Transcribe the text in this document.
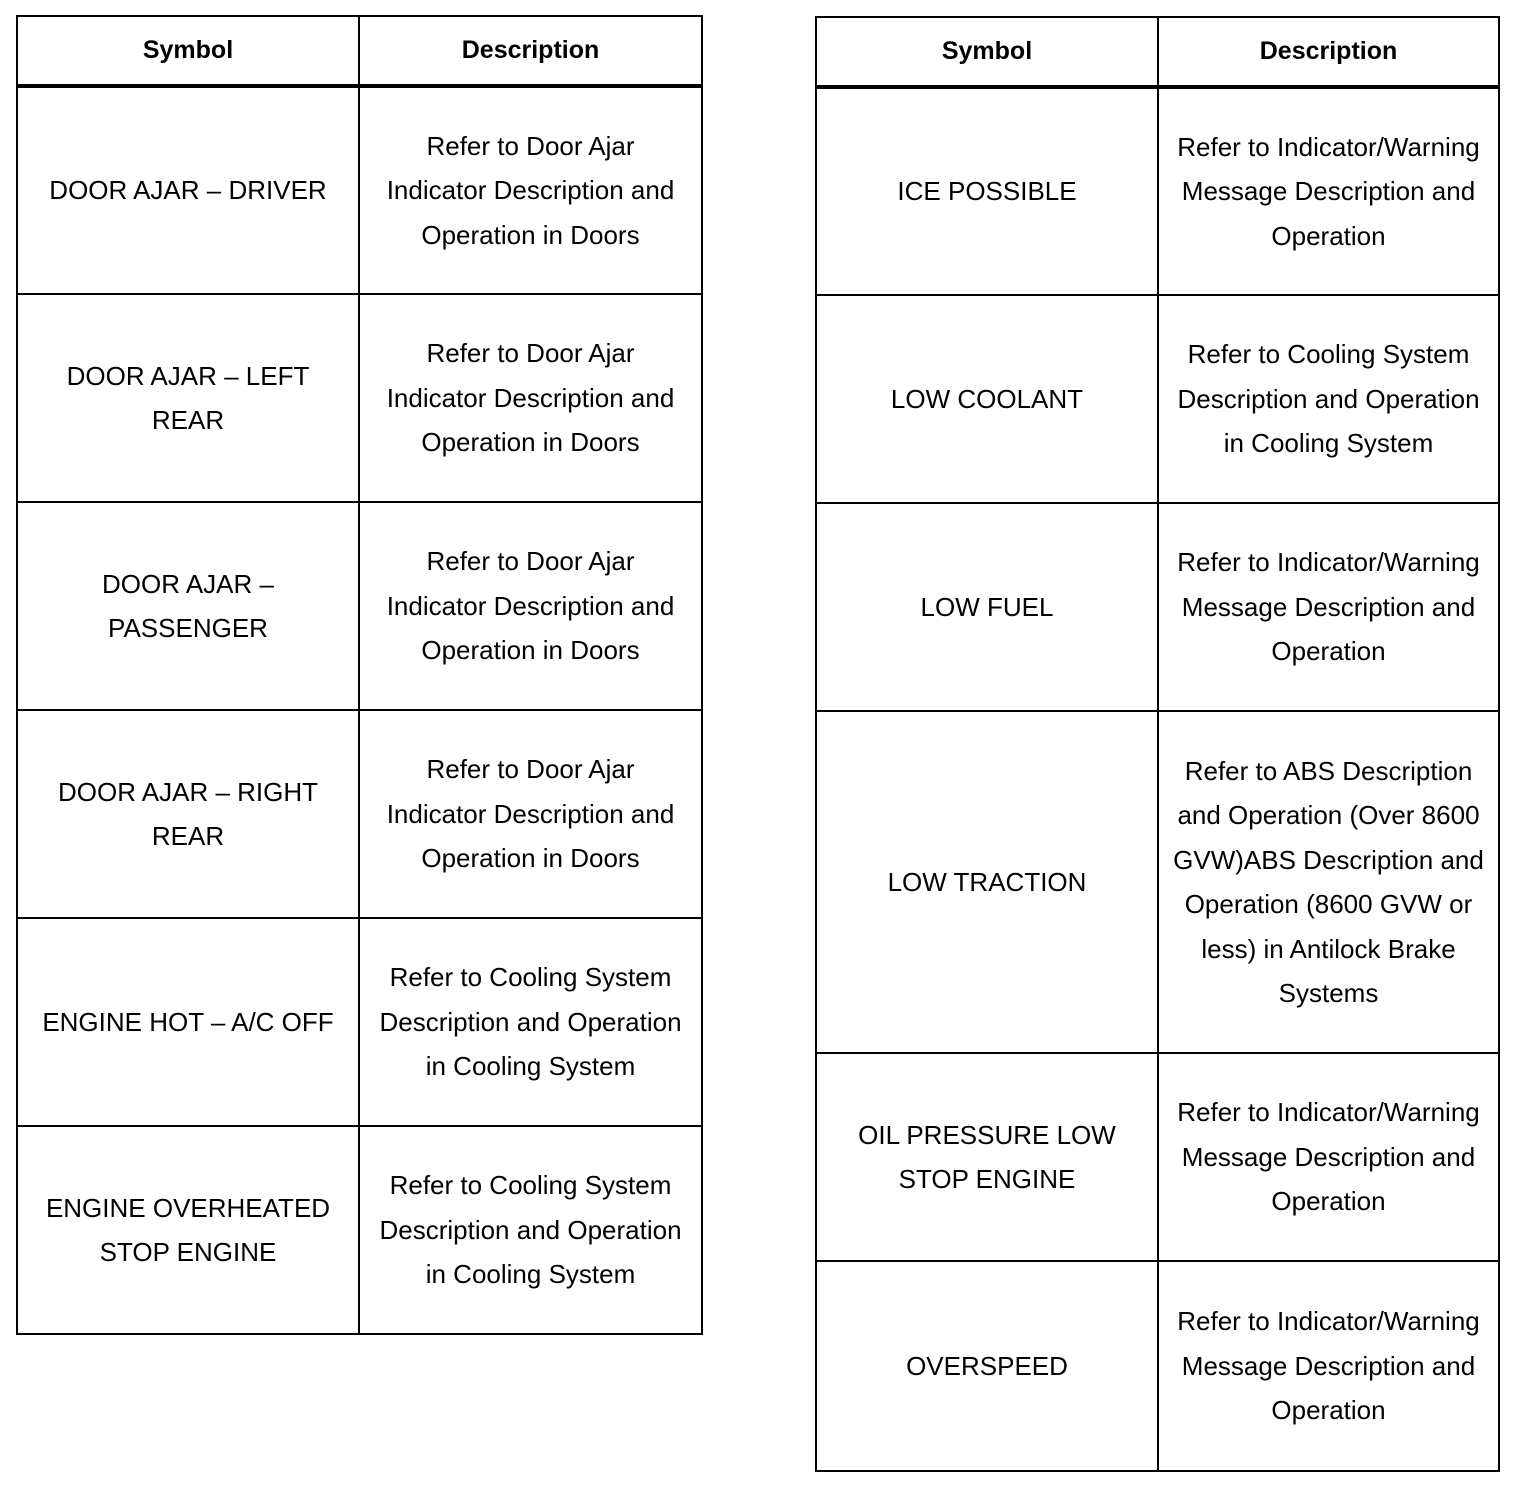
Symbol	Description
DOOR AJAR – DRIVER	Refer to Door Ajar Indicator Description and Operation in Doors
DOOR AJAR – LEFT REAR	Refer to Door Ajar Indicator Description and Operation in Doors
DOOR AJAR – PASSENGER	Refer to Door Ajar Indicator Description and Operation in Doors
DOOR AJAR – RIGHT REAR	Refer to Door Ajar Indicator Description and Operation in Doors
ENGINE HOT – A/C OFF	Refer to Cooling System Description and Operation in Cooling System
ENGINE OVERHEATED STOP ENGINE	Refer to Cooling System Description and Operation in Cooling System
Symbol	Description
ICE POSSIBLE	Refer to Indicator/Warning Message Description and Operation
LOW COOLANT	Refer to Cooling System Description and Operation in Cooling System
LOW FUEL	Refer to Indicator/Warning Message Description and Operation
LOW TRACTION	Refer to ABS Description and Operation (Over 8600 GVW)ABS Description and Operation (8600 GVW or less) in Antilock Brake Systems
OIL PRESSURE LOW STOP ENGINE	Refer to Indicator/Warning Message Description and Operation
OVERSPEED	Refer to Indicator/Warning Message Description and Operation
